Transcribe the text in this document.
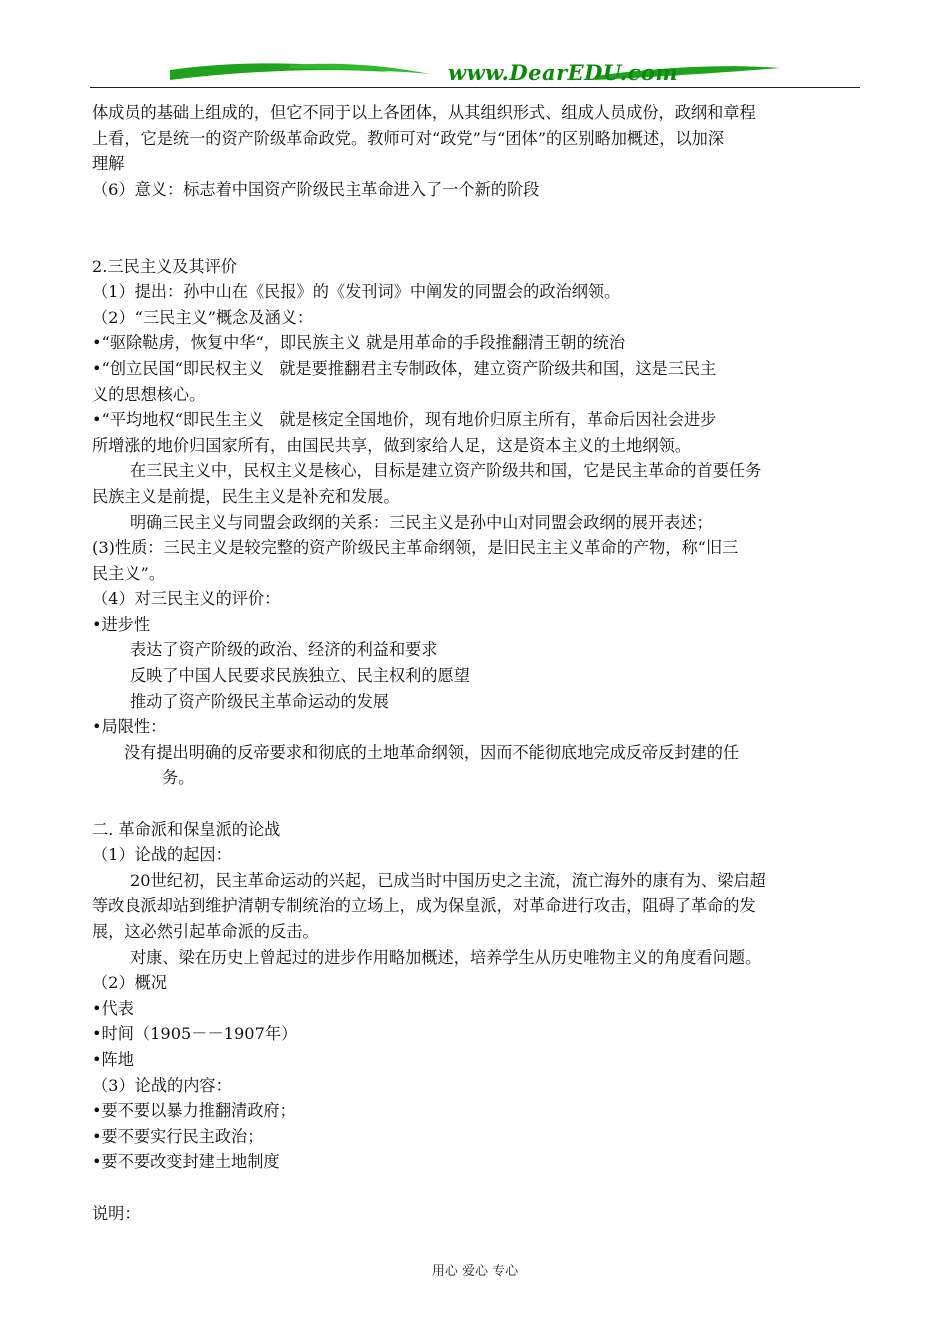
www.DearEDU.com
体成员的基础上组成的，但它不同于以上各团体，从其组织形式、组成人员成份，政纲和章程
上看，它是统一的资产阶级革命政党。教师可对“政党”与“团体”的区别略加概述，以加深
理解
（6）意义：标志着中国资产阶级民主革命进入了一个新的阶段
2.三民主义及其评价
（1）提出：孙中山在《民报》的《发刊词》中阐发的同盟会的政治纲领。
（2）“三民主义”概念及涵义：
•“驱除鞑虏，恢复中华“，即民族主义 就是用革命的手段推翻清王朝的统治
•“创立民国“即民权主义   就是要推翻君主专制政体，建立资产阶级共和国，这是三民主
义的思想核心。
•“平均地权“即民生主义   就是核定全国地价，现有地价归原主所有，革命后因社会进步
所增涨的地价归国家所有，由国民共享，做到家给人足，这是资本主义的土地纲领。
在三民主义中，民权主义是核心，目标是建立资产阶级共和国，它是民主革命的首要任务
民族主义是前提，民生主义是补充和发展。
明确三民主义与同盟会政纲的关系：三民主义是孙中山对同盟会政纲的展开表述；
(3)性质：三民主义是较完整的资产阶级民主革命纲领，是旧民主主义革命的产物，称“旧三
民主义”。
（4）对三民主义的评价：
•进步性
表达了资产阶级的政治、经济的利益和要求
反映了中国人民要求民族独立、民主权利的愿望
推动了资产阶级民主革命运动的发展
•局限性：
没有提出明确的反帝要求和彻底的土地革命纲领，因而不能彻底地完成反帝反封建的任
务。
二. 革命派和保皇派的论战
（1）论战的起因：
20世纪初，民主革命运动的兴起，已成当时中国历史之主流，流亡海外的康有为、梁启超
等改良派却站到维护清朝专制统治的立场上，成为保皇派，对革命进行攻击，阻碍了革命的发
展，这必然引起革命派的反击。
对康、梁在历史上曾起过的进步作用略加概述，培养学生从历史唯物主义的角度看问题。
（2）概况
•代表
•时间（1905－－1907年）
•阵地
（3）论战的内容：
•要不要以暴力推翻清政府；
•要不要实行民主政治；
•要不要改变封建土地制度
说明：
用心 爱心 专心
